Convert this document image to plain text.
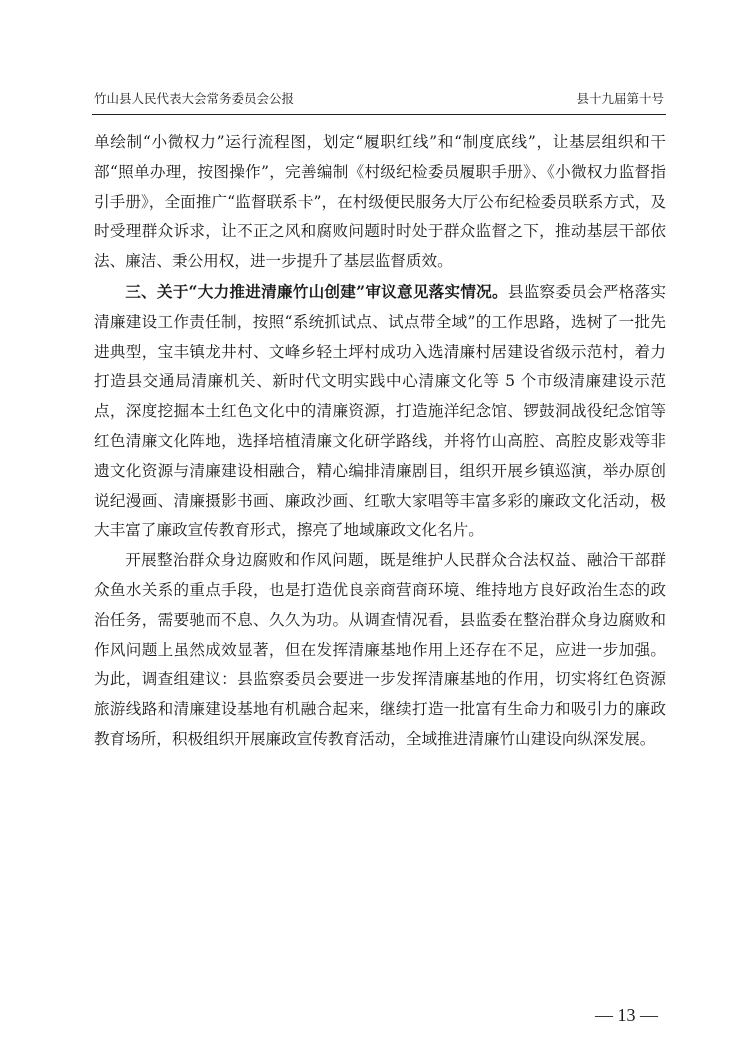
竹山县人民代表大会常务委员会公报	县十九届第十号

单绘制“小微权力”运行流程图，划定“履职红线”和“制度底线”，让基层组织和干部“照单办理，按图操作”，完善编制《村级纪检委员履职手册》、《小微权力监督指引手册》，全面推广“监督联系卡”，在村级便民服务大厅公布纪检委员联系方式，及时受理群众诉求，让不正之风和腐败问题时时处于群众监督之下，推动基层干部依法、廉洁、秉公用权，进一步提升了基层监督质效。

三、关于“大力推进清廉竹山创建”审议意见落实情况。县监察委员会严格落实清廉建设工作责任制，按照“系统抓试点、试点带全域”的工作思路，选树了一批先进典型，宝丰镇龙井村、文峰乡轻土坪村成功入选清廉村居建设省级示范村，着力打造县交通局清廉机关、新时代文明实践中心清廉文化等 5 个市级清廉建设示范点，深度挖掘本土红色文化中的清廉资源，打造施洋纪念馆、锣鼓洞战役纪念馆等红色清廉文化阵地，选择培植清廉文化研学路线，并将竹山高腔、高腔皮影戏等非遗文化资源与清廉建设相融合，精心编排清廉剧目，组织开展乡镇巡演，举办原创说纪漫画、清廉摄影书画、廉政沙画、红歌大家唱等丰富多彩的廉政文化活动，极大丰富了廉政宣传教育形式，擦亮了地域廉政文化名片。

开展整治群众身边腐败和作风问题，既是维护人民群众合法权益、融洽干部群众鱼水关系的重点手段，也是打造优良亲商营商环境、维持地方良好政治生态的政治任务，需要驰而不息、久久为功。从调查情况看，县监委在整治群众身边腐败和作风问题上虽然成效显著，但在发挥清廉基地作用上还存在不足，应进一步加强。为此，调查组建议：县监察委员会要进一步发挥清廉基地的作用，切实将红色资源旅游线路和清廉建设基地有机融合起来，继续打造一批富有生命力和吸引力的廉政教育场所，积极组织开展廉政宣传教育活动，全域推进清廉竹山建设向纵深发展。

— 13 —
